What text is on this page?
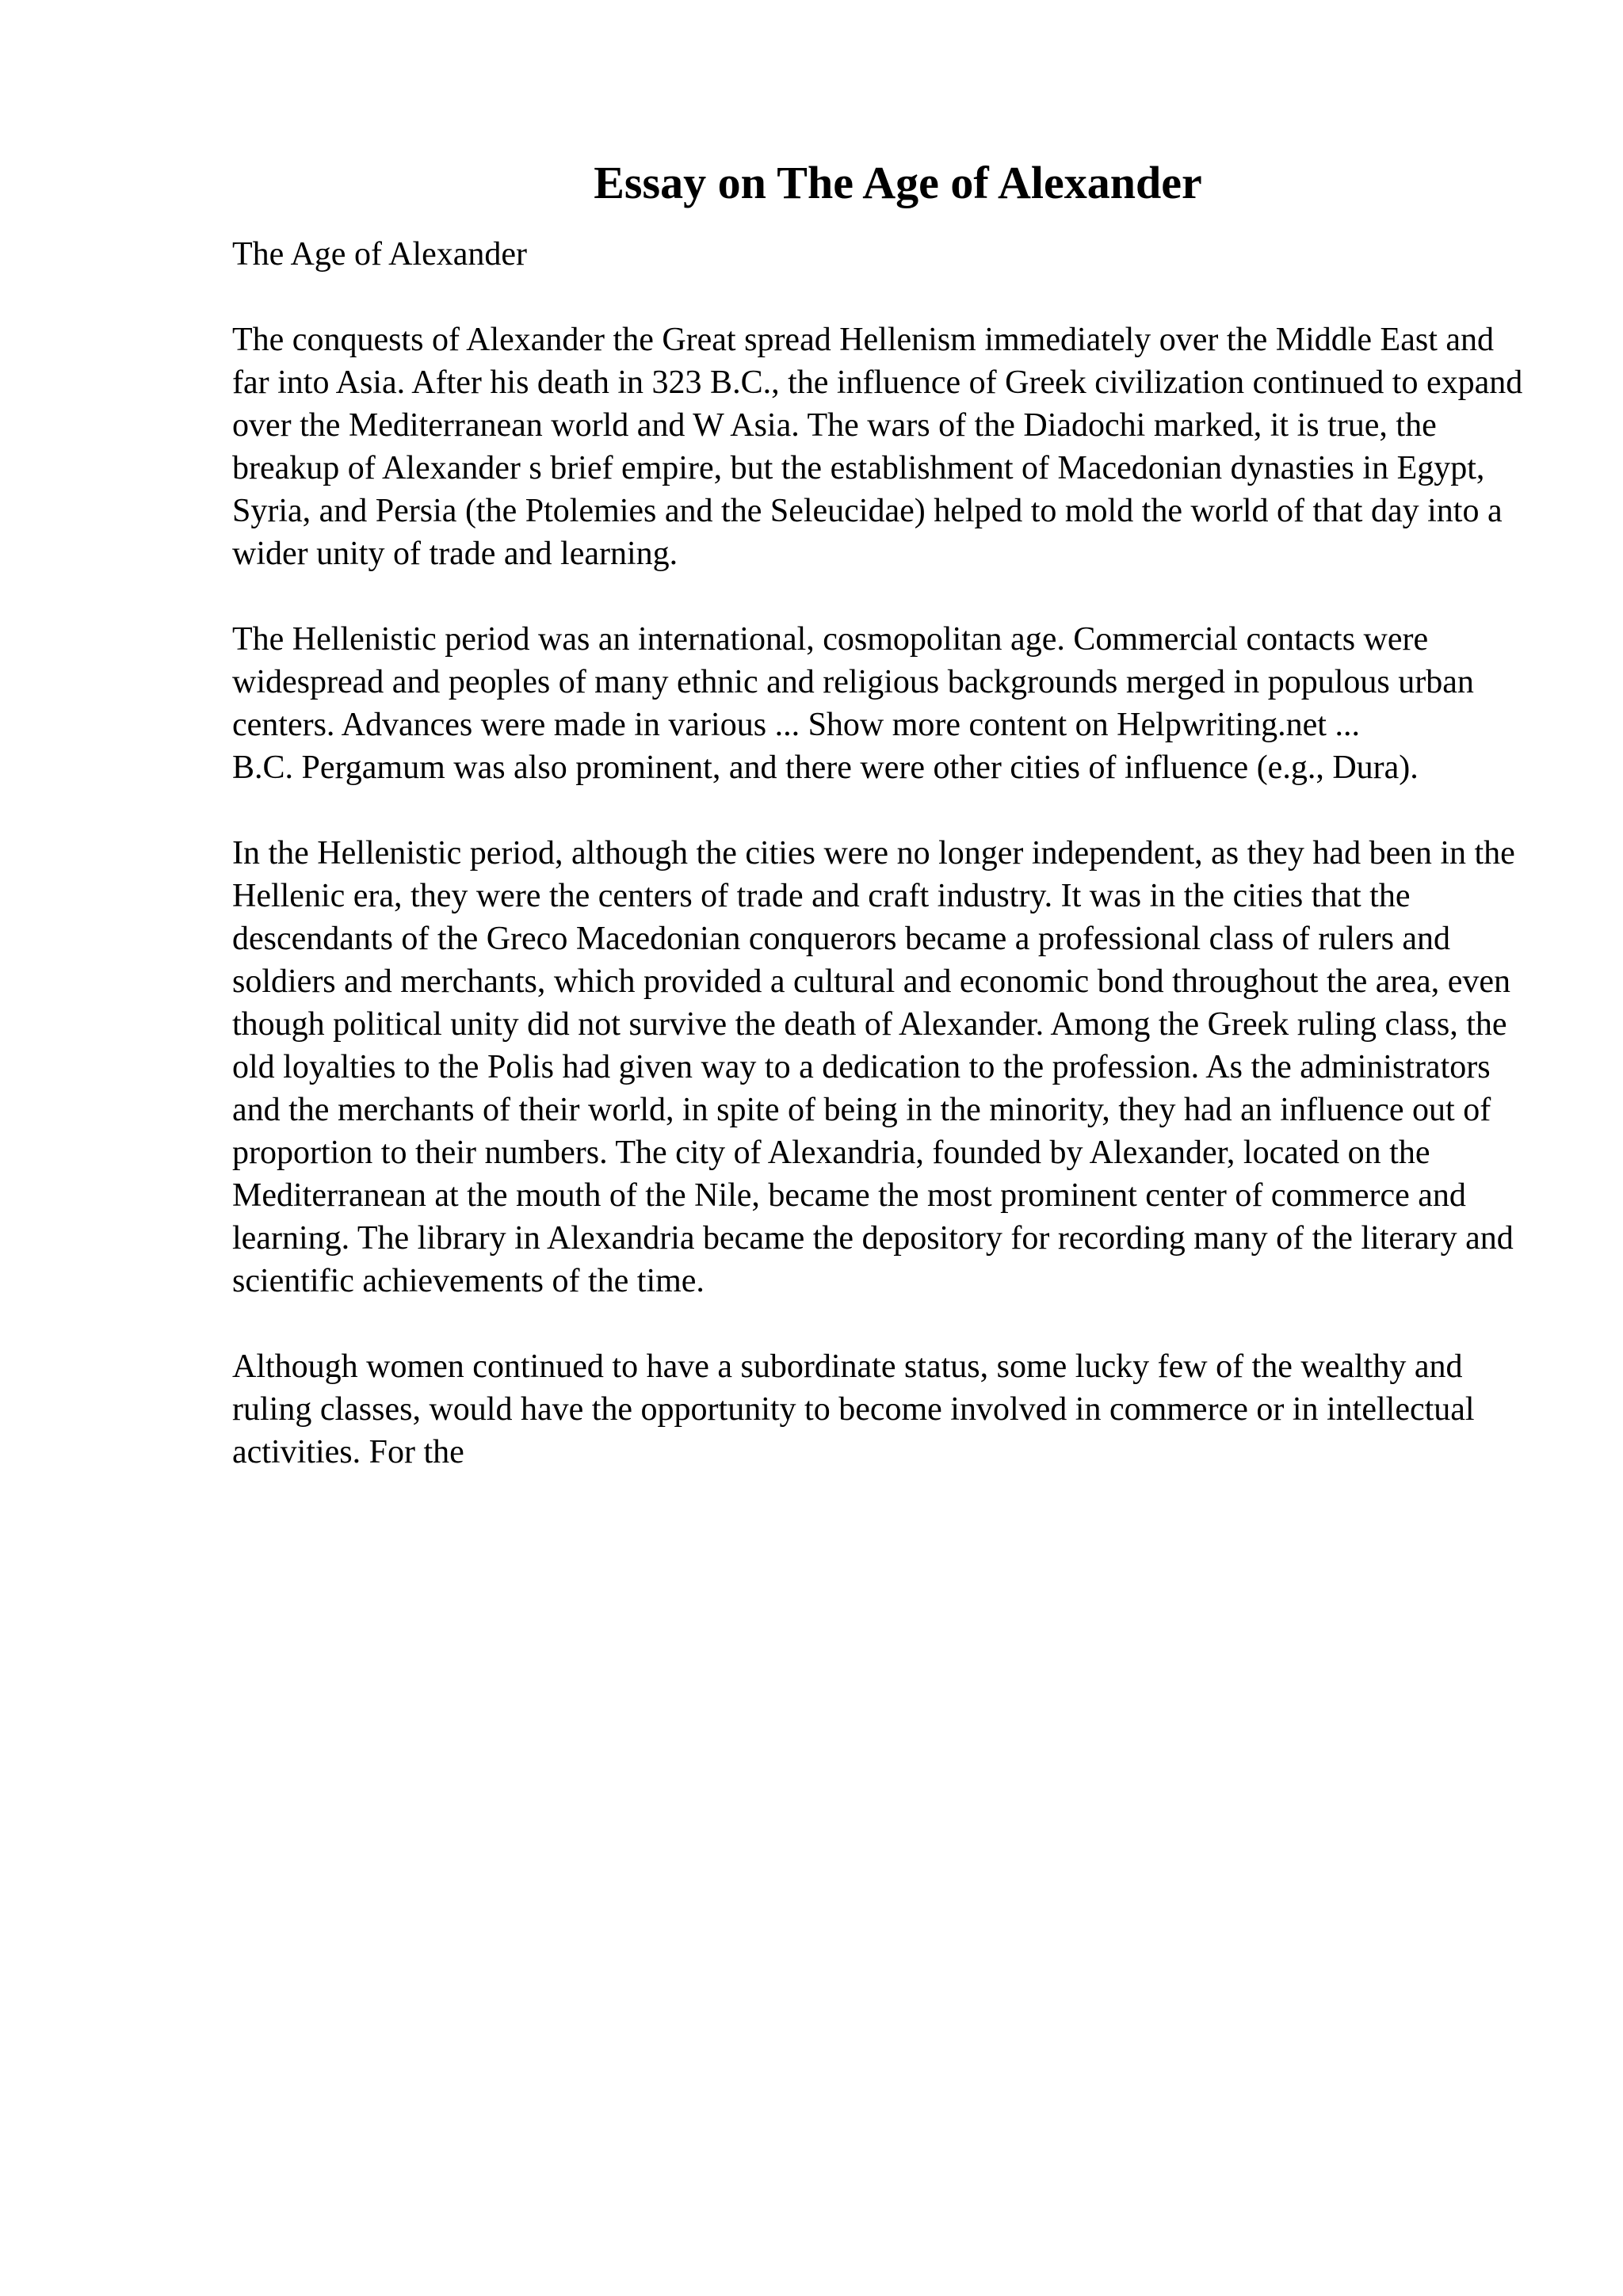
Essay on The Age of Alexander

The Age of Alexander

The conquests of Alexander the Great spread Hellenism immediately over the Middle East and far into Asia. After his death in 323 B.C., the influence of Greek civilization continued to expand over the Mediterranean world and W Asia. The wars of the Diadochi marked, it is true, the breakup of Alexander s brief empire, but the establishment of Macedonian dynasties in Egypt, Syria, and Persia (the Ptolemies and the Seleucidae) helped to mold the world of that day into a wider unity of trade and learning.

The Hellenistic period was an international, cosmopolitan age. Commercial contacts were widespread and peoples of many ethnic and religious backgrounds merged in populous urban centers. Advances were made in various ... Show more content on Helpwriting.net ...

B.C. Pergamum was also prominent, and there were other cities of influence (e.g., Dura).

In the Hellenistic period, although the cities were no longer independent, as they had been in the Hellenic era, they were the centers of trade and craft industry. It was in the cities that the descendants of the Greco Macedonian conquerors became a professional class of rulers and soldiers and merchants, which provided a cultural and economic bond throughout the area, even though political unity did not survive the death of Alexander. Among the Greek ruling class, the old loyalties to the Polis had given way to a dedication to the profession. As the administrators and the merchants of their world, in spite of being in the minority, they had an influence out of proportion to their numbers. The city of Alexandria, founded by Alexander, located on the Mediterranean at the mouth of the Nile, became the most prominent center of commerce and learning. The library in Alexandria became the depository for recording many of the literary and scientific achievements of the time.

Although women continued to have a subordinate status, some lucky few of the wealthy and ruling classes, would have the opportunity to become involved in commerce or in intellectual activities. For the
